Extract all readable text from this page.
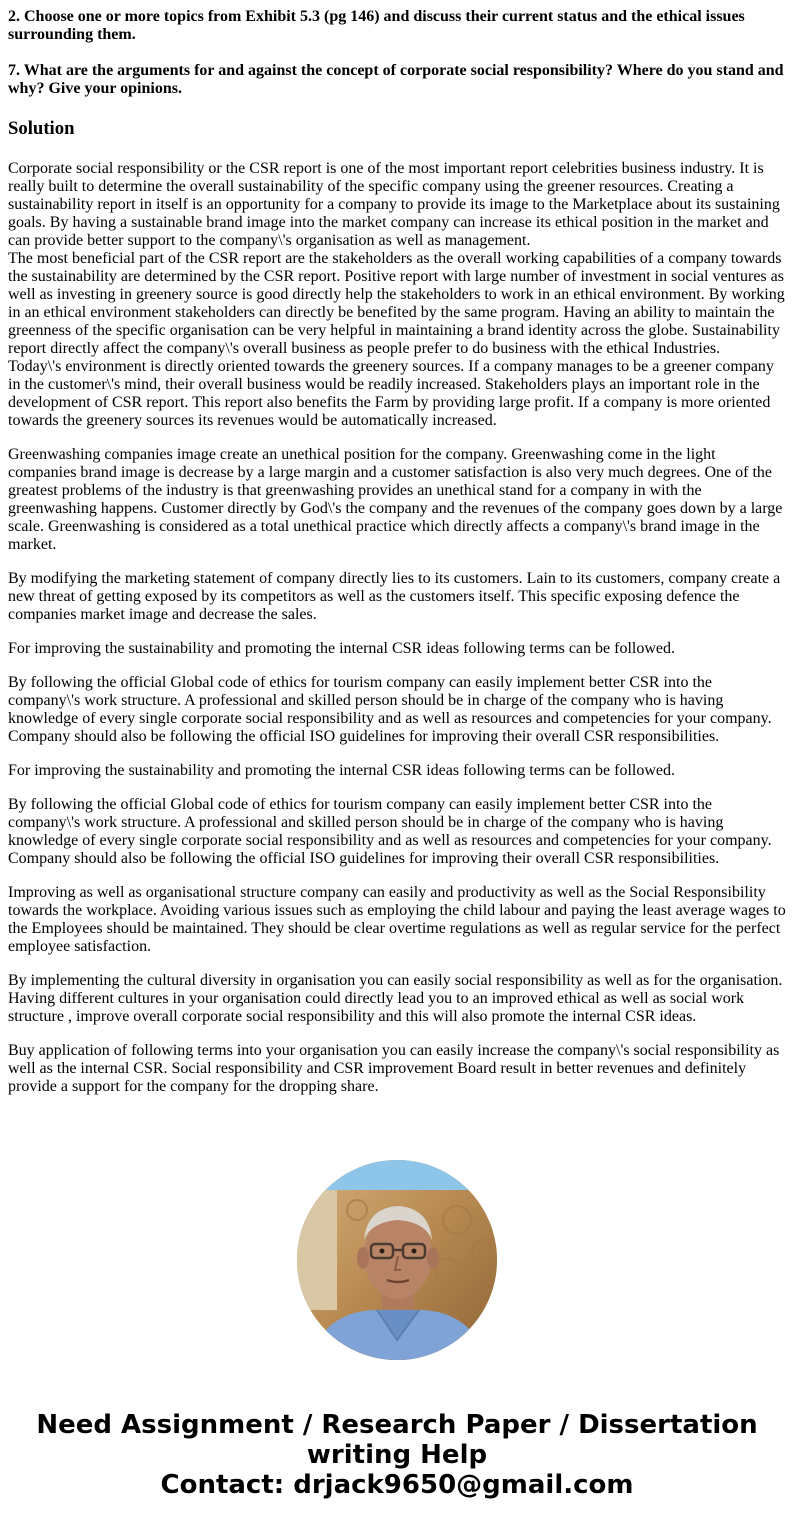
2. Choose one or more topics from Exhibit 5.3 (pg 146) and discuss their current status and the ethical issues surrounding them.

7. What are the arguments for and against the concept of corporate social responsibility? Where do you stand and why? Give your opinions.

Solution
Corporate social responsibility or the CSR report is one of the most important report celebrities business industry. It is really built to determine the overall sustainability of the specific company using the greener resources. Creating a sustainability report in itself is an opportunity for a company to provide its image to the Marketplace about its sustaining goals. By having a sustainable brand image into the market company can increase its ethical position in the market and can provide better support to the company\'s organisation as well as management.
The most beneficial part of the CSR report are the stakeholders as the overall working capabilities of a company towards the sustainability are determined by the CSR report. Positive report with large number of investment in social ventures as well as investing in greenery source is good directly help the stakeholders to work in an ethical environment. By working in an ethical environment stakeholders can directly be benefited by the same program. Having an ability to maintain the greenness of the specific organisation can be very helpful in maintaining a brand identity across the globe. Sustainability report directly affect the company\'s overall business as people prefer to do business with the ethical Industries.
Today\'s environment is directly oriented towards the greenery sources. If a company manages to be a greener company in the customer\'s mind, their overall business would be readily increased. Stakeholders plays an important role in the development of CSR report. This report also benefits the Farm by providing large profit. If a company is more oriented towards the greenery sources its revenues would be automatically increased.

Greenwashing companies image create an unethical position for the company. Greenwashing come in the light companies brand image is decrease by a large margin and a customer satisfaction is also very much degrees. One of the greatest problems of the industry is that greenwashing provides an unethical stand for a company in with the greenwashing happens. Customer directly by God\'s the company and the revenues of the company goes down by a large scale. Greenwashing is considered as a total unethical practice which directly affects a company\'s brand image in the market.

By modifying the marketing statement of company directly lies to its customers. Lain to its customers, company create a new threat of getting exposed by its competitors as well as the customers itself. This specific exposing defence the companies market image and decrease the sales.

For improving the sustainability and promoting the internal CSR ideas following terms can be followed.

By following the official Global code of ethics for tourism company can easily implement better CSR into the company\'s work structure. A professional and skilled person should be in charge of the company who is having knowledge of every single corporate social responsibility and as well as resources and competencies for your company. Company should also be following the official ISO guidelines for improving their overall CSR responsibilities.

For improving the sustainability and promoting the internal CSR ideas following terms can be followed.

By following the official Global code of ethics for tourism company can easily implement better CSR into the company\'s work structure. A professional and skilled person should be in charge of the company who is having knowledge of every single corporate social responsibility and as well as resources and competencies for your company. Company should also be following the official ISO guidelines for improving their overall CSR responsibilities.

Improving as well as organisational structure company can easily and productivity as well as the Social Responsibility towards the workplace. Avoiding various issues such as employing the child labour and paying the least average wages to the Employees should be maintained. They should be clear overtime regulations as well as regular service for the perfect employee satisfaction.

By implementing the cultural diversity in organisation you can easily social responsibility as well as for the organisation. Having different cultures in your organisation could directly lead you to an improved ethical as well as social work structure , improve overall corporate social responsibility and this will also promote the internal CSR ideas.

Buy application of following terms into your organisation you can easily increase the company\'s social responsibility as well as the internal CSR. Social responsibility and CSR improvement Board result in better revenues and definitely provide a support for the company for the dropping share.

Need Assignment / Research Paper / Dissertation
writing Help
Contact: drjack9650@gmail.com
